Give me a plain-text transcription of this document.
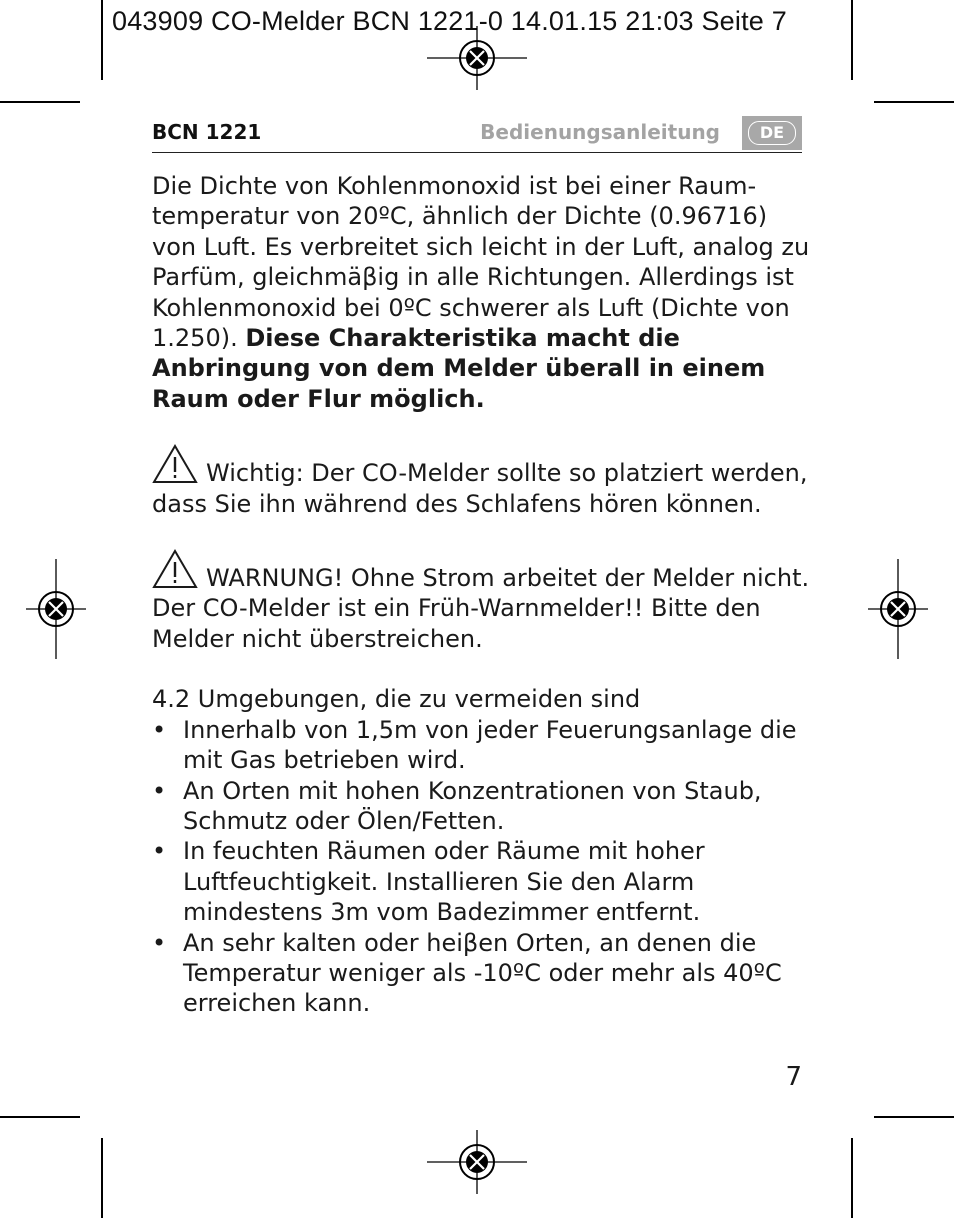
043909 CO-Melder BCN 1221-0 14.01.15 21:03 Seite 7
BCN 1221	Bedienungsanleitung	DE

Die Dichte von Kohlenmonoxid ist bei einer Raum-temperatur von 20ºC, ähnlich der Dichte (0.96716) von Luft. Es verbreitet sich leicht in der Luft, analog zu Parfüm, gleichmäβig in alle Richtungen. Allerdings ist Kohlenmonoxid bei 0ºC schwerer als Luft (Dichte von 1.250). Diese Charakteristika macht die Anbringung von dem Melder überall in einem Raum oder Flur möglich.

Wichtig: Der CO-Melder sollte so platziert werden, dass Sie ihn während des Schlafens hören können.

WARNUNG! Ohne Strom arbeitet der Melder nicht. Der CO-Melder ist ein Früh-Warnmelder!! Bitte den Melder nicht überstreichen.

4.2 Umgebungen, die zu vermeiden sind

• Innerhalb von 1,5m von jeder Feuerungsanlage die mit Gas betrieben wird.
• An Orten mit hohen Konzentrationen von Staub, Schmutz oder Ölen/Fetten.
• In feuchten Räumen oder Räume mit hoher Luftfeuchtigkeit. Installieren Sie den Alarm mindestens 3m vom Badezimmer entfernt.
• An sehr kalten oder heiβen Orten, an denen die Temperatur weniger als -10ºC oder mehr als 40ºC erreichen kann.
7
